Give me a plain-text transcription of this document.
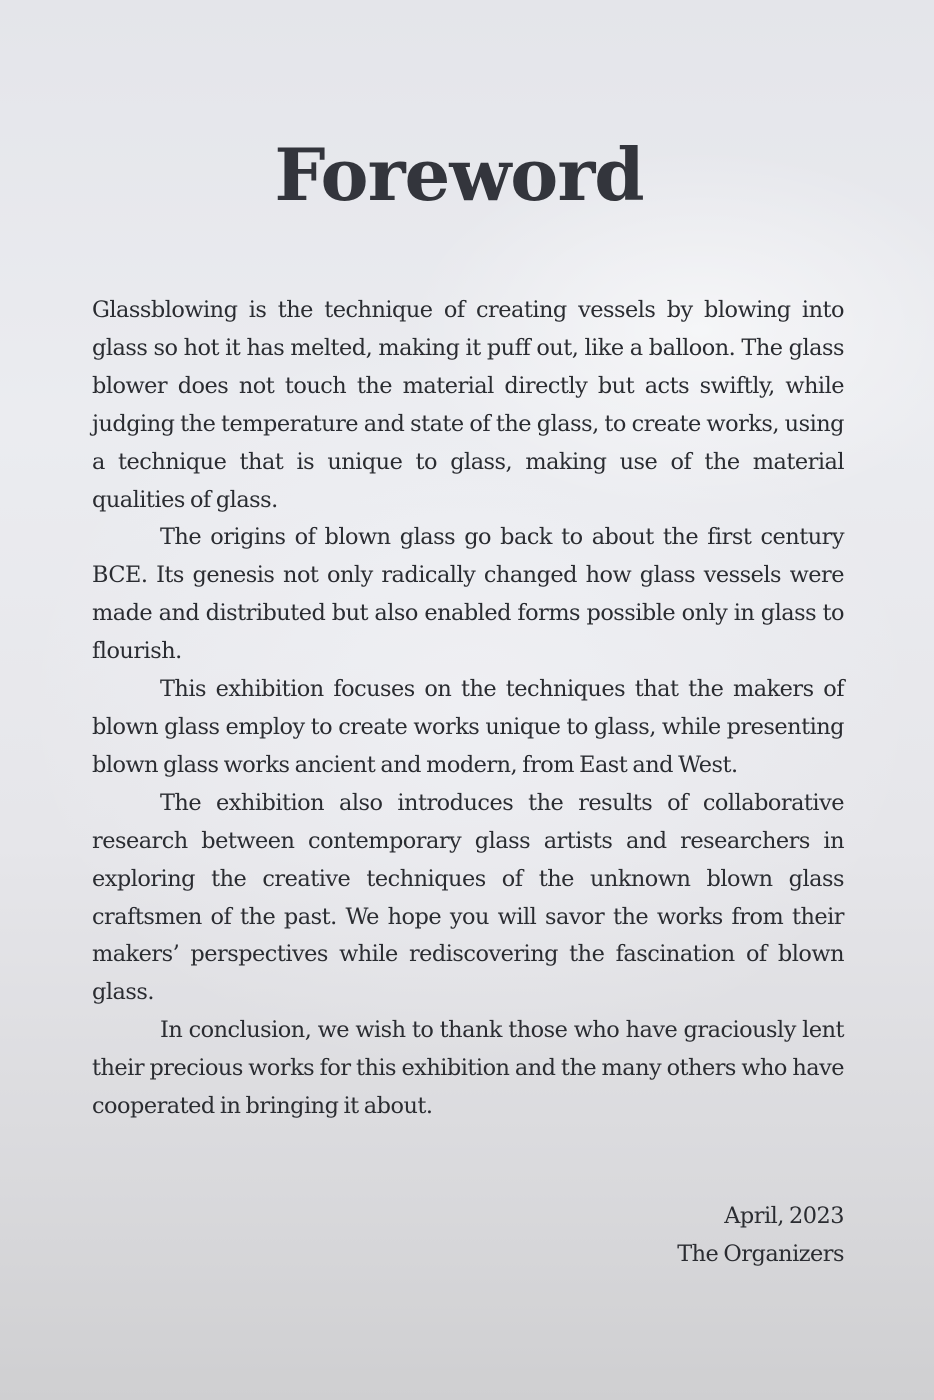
Foreword

Glassblowing is the technique of creating vessels by blowing into glass so hot it has melted, making it puff out, like a balloon. The glass blower does not touch the material directly but acts swiftly, while judging the temperature and state of the glass, to create works, using a technique that is unique to glass, making use of the material qualities of glass.

The origins of blown glass go back to about the first century BCE. Its genesis not only radically changed how glass vessels were made and distributed but also enabled forms possible only in glass to flourish.

This exhibition focuses on the techniques that the makers of blown glass employ to create works unique to glass, while presenting blown glass works ancient and modern, from East and West.

The exhibition also introduces the results of collaborative research between contemporary glass artists and researchers in exploring the creative techniques of the unknown blown glass craftsmen of the past. We hope you will savor the works from their makers’ perspectives while rediscovering the fascination of blown glass.

In conclusion, we wish to thank those who have graciously lent their precious works for this exhibition and the many others who have cooperated in bringing it about.

April, 2023
The Organizers
